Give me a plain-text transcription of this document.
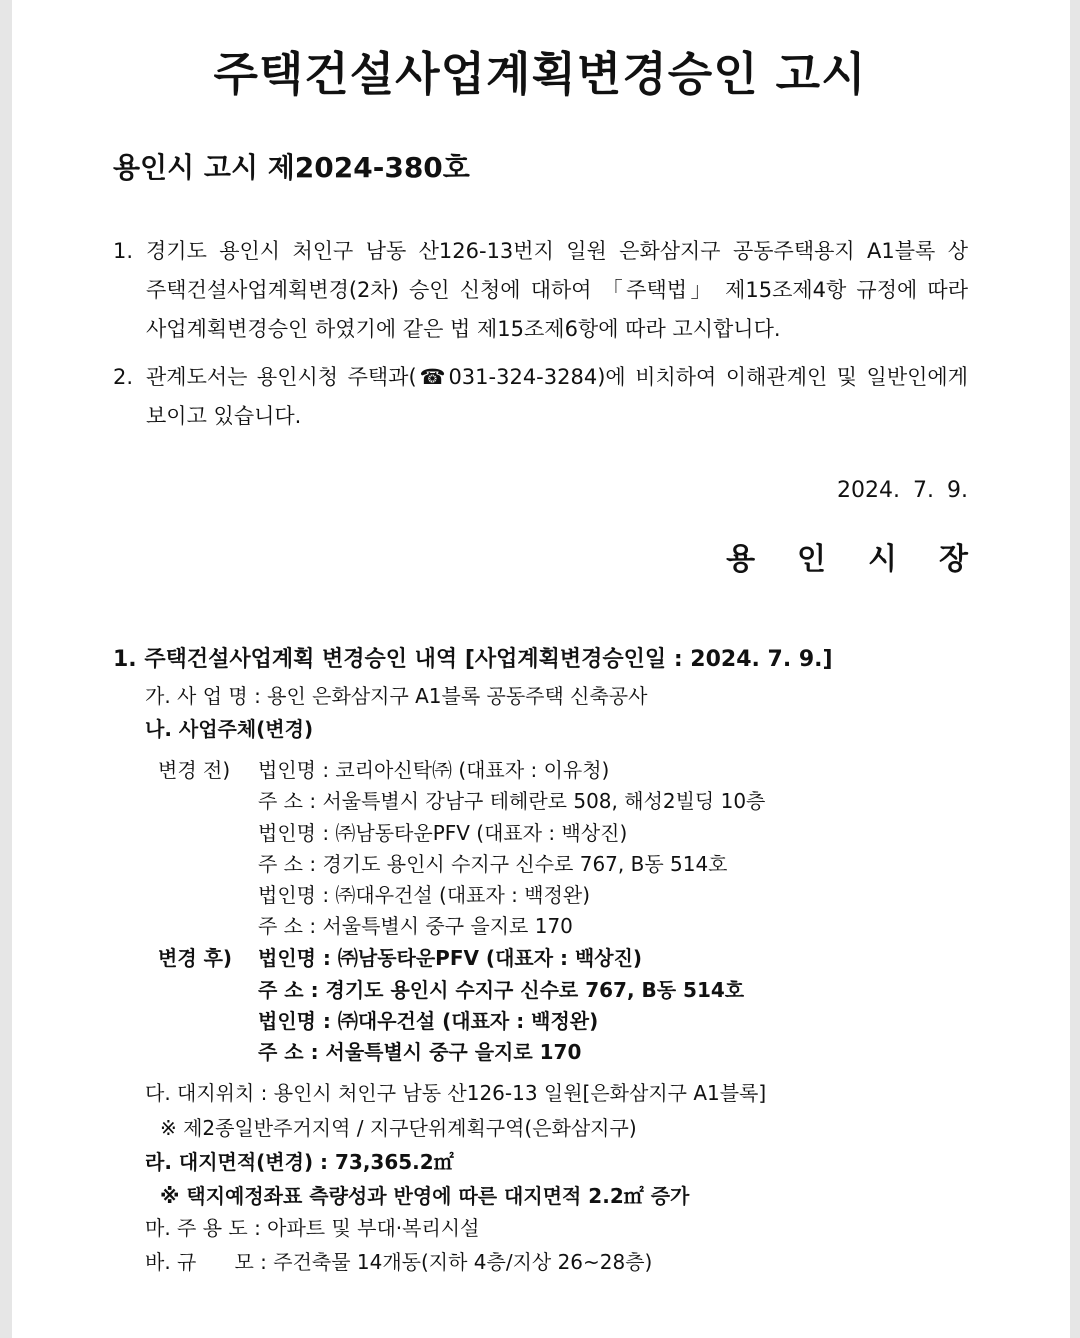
주택건설사업계획변경승인 고시
용인시 고시 제2024-380호
1. 경기도 용인시 처인구 남동 산126-13번지 일원 은화삼지구 공동주택용지 A1블록 상 주택건설사업계획변경(2차) 승인 신청에 대하여 「주택법」 제15조제4항 규정에 따라 사업계획변경승인 하였기에 같은 법 제15조제6항에 따라 고시합니다.
2. 관계도서는 용인시청 주택과(☎031-324-3284)에 비치하여 이해관계인 및 일반인에게 보이고 있습니다.
2024. 7. 9.
용인시장
1. 주택건설사업계획 변경승인 내역 [사업계획변경승인일 : 2024. 7. 9.]
가. 사 업 명 : 용인 은화삼지구 A1블록 공동주택 신축공사
나. 사업주체(변경)
변경 전) 법인명 : 코리아신탁㈜ (대표자 : 이유청)
주 소 : 서울특별시 강남구 테헤란로 508, 해성2빌딩 10층
법인명 : ㈜남동타운PFV (대표자 : 백상진)
주 소 : 경기도 용인시 수지구 신수로 767, B동 514호
법인명 : ㈜대우건설 (대표자 : 백정완)
주 소 : 서울특별시 중구 을지로 170
변경 후) 법인명 : ㈜남동타운PFV (대표자 : 백상진)
주 소 : 경기도 용인시 수지구 신수로 767, B동 514호
법인명 : ㈜대우건설 (대표자 : 백정완)
주 소 : 서울특별시 중구 을지로 170
다. 대지위치 : 용인시 처인구 남동 산126-13 일원[은화삼지구 A1블록]
※ 제2종일반주거지역 / 지구단위계획구역(은화삼지구)
라. 대지면적(변경) : 73,365.2㎡
※ 택지예정좌표 측량성과 반영에 따른 대지면적 2.2㎡ 증가
마. 주 용 도 : 아파트 및 부대·복리시설
바. 규      모 : 주건축물 14개동(지하 4층/지상 26~28층)
